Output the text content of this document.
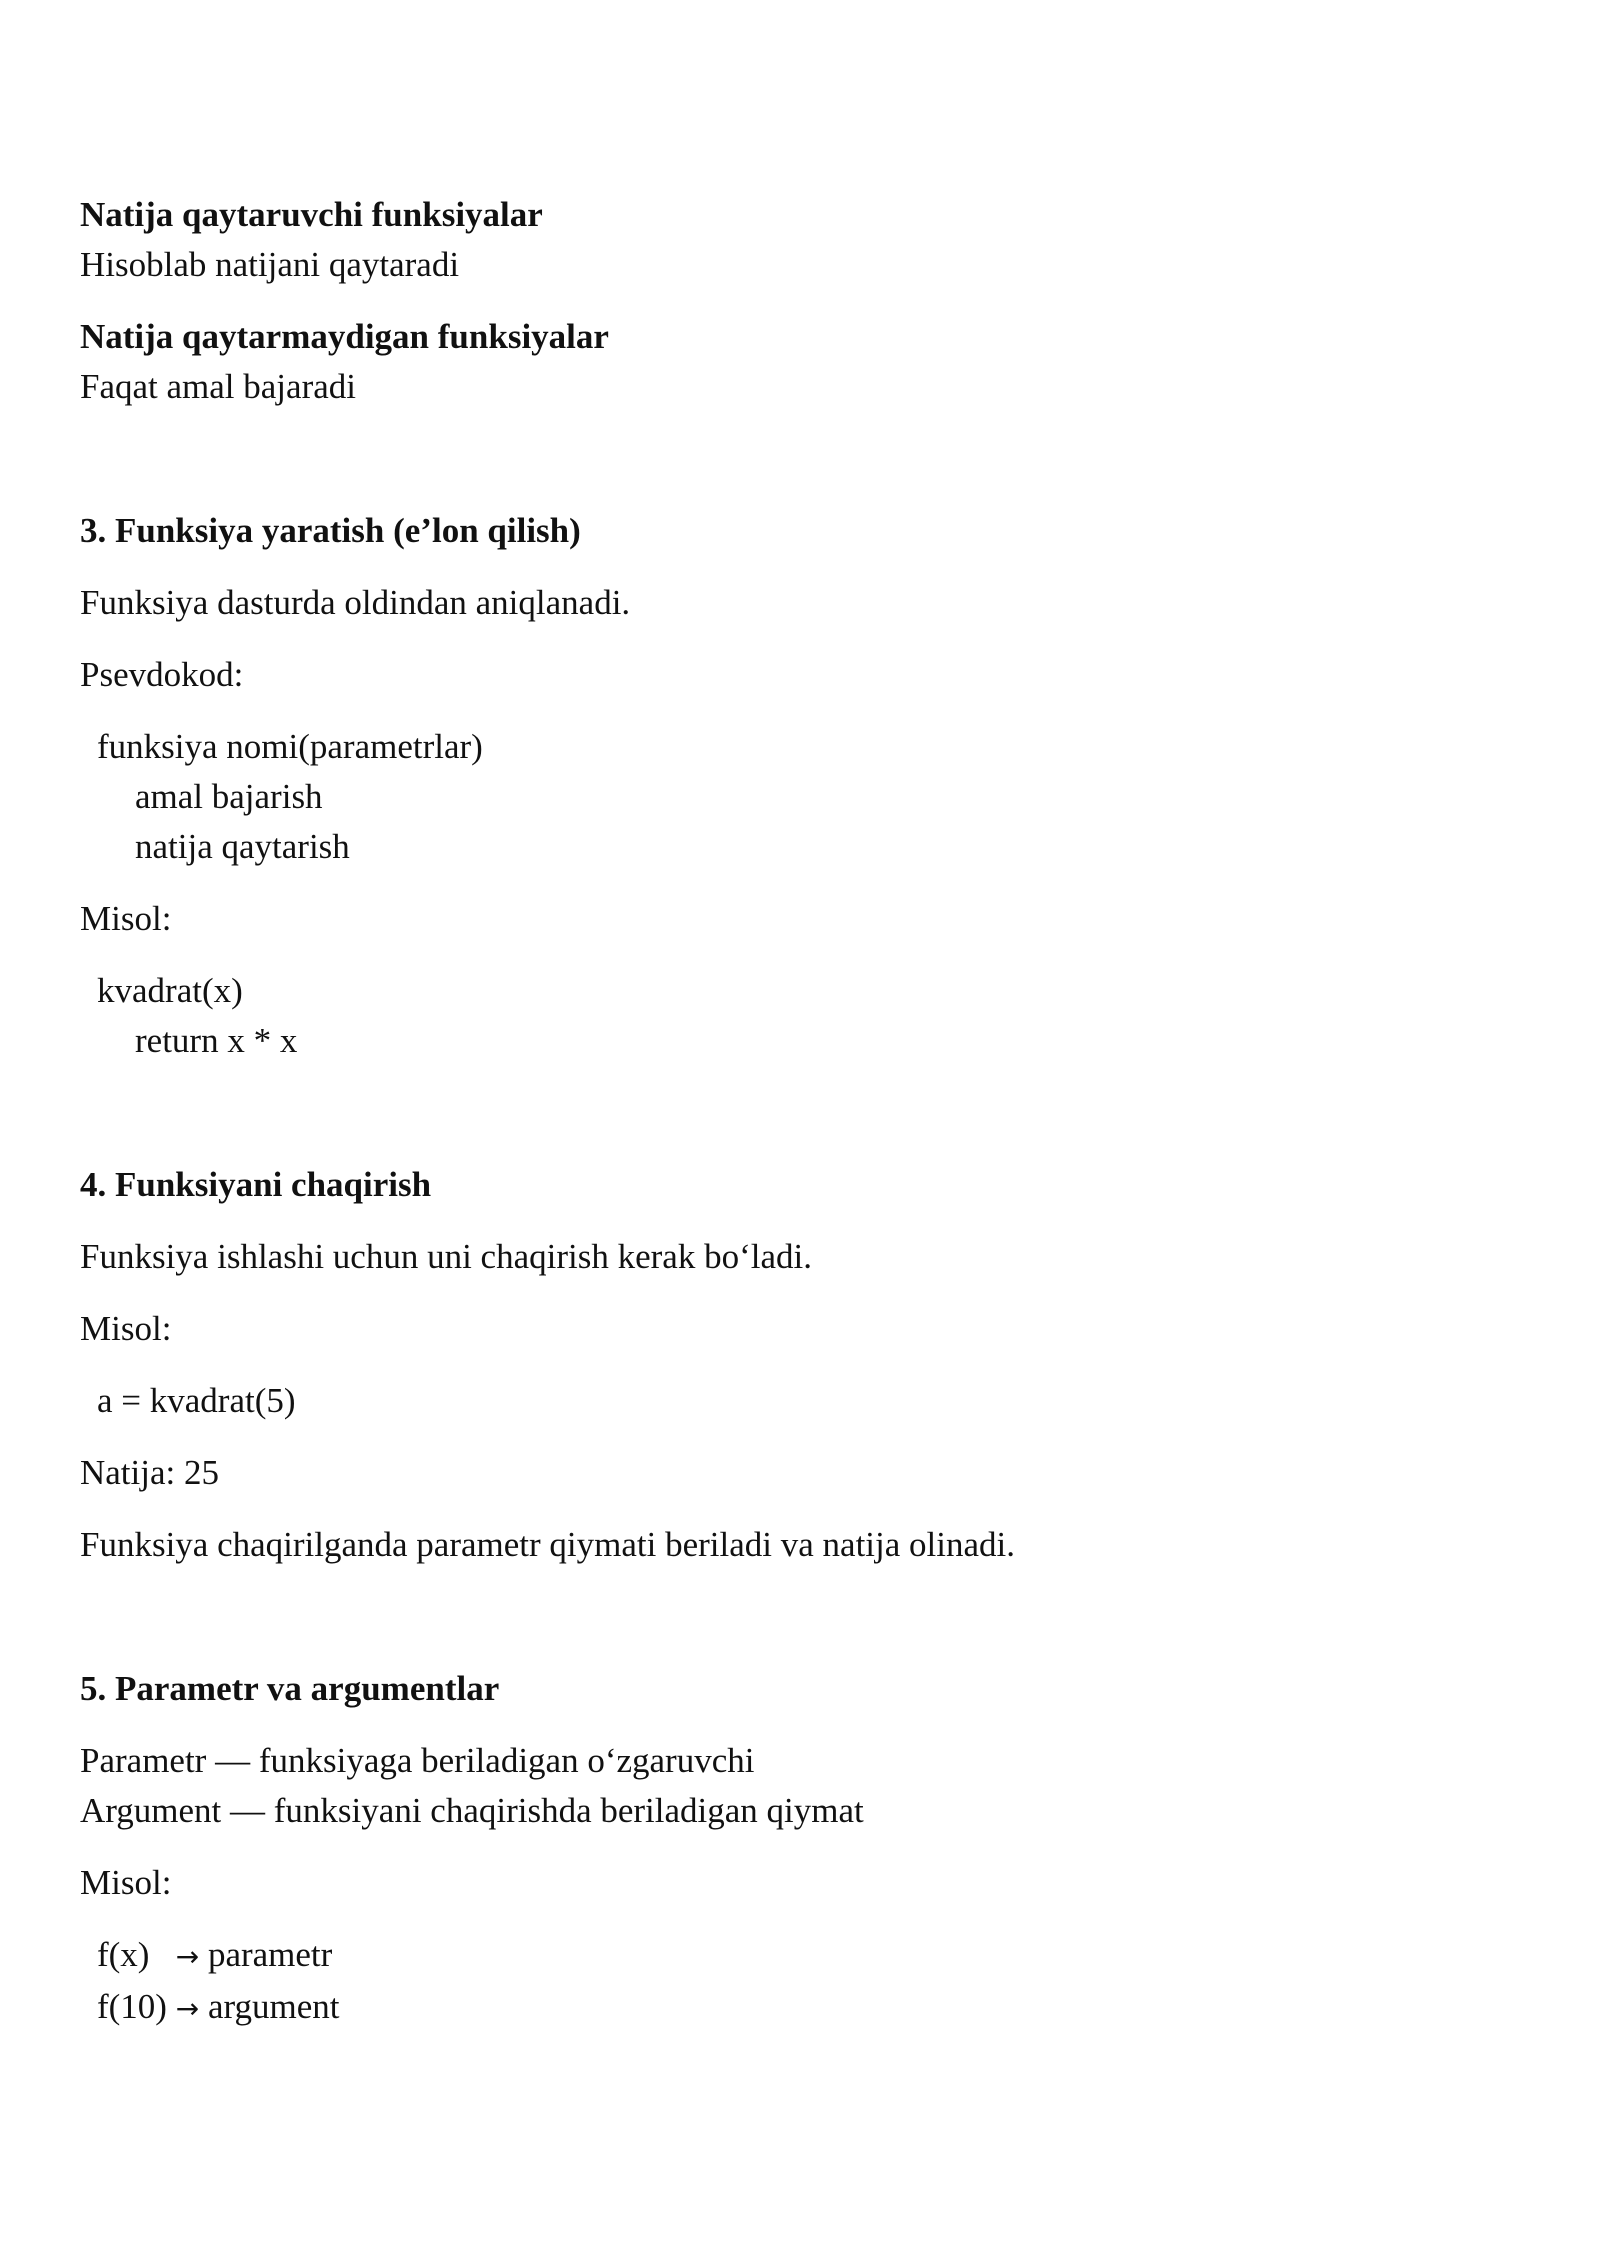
Natija qaytaruvchi funksiyalar
Hisoblab natijani qaytaradi
Natija qaytarmaydigan funksiyalar
Faqat amal bajaradi
3. Funksiya yaratish (e’lon qilish)
Funksiya dasturda oldindan aniqlanadi.
Psevdokod:
funksiya nomi(parametrlar)
amal bajarish
natija qaytarish
Misol:
kvadrat(x)
return x * x
4. Funksiyani chaqirish
Funksiya ishlashi uchun uni chaqirish kerak bo‘ladi.
Misol:
a = kvadrat(5)
Natija: 25
Funksiya chaqirilganda parametr qiymati beriladi va natija olinadi.
5. Parametr va argumentlar
Parametr — funksiyaga beriladigan o‘zgaruvchi
Argument — funksiyani chaqirishda beriladigan qiymat
Misol:
f(x) → parametr
f(10) → argument
